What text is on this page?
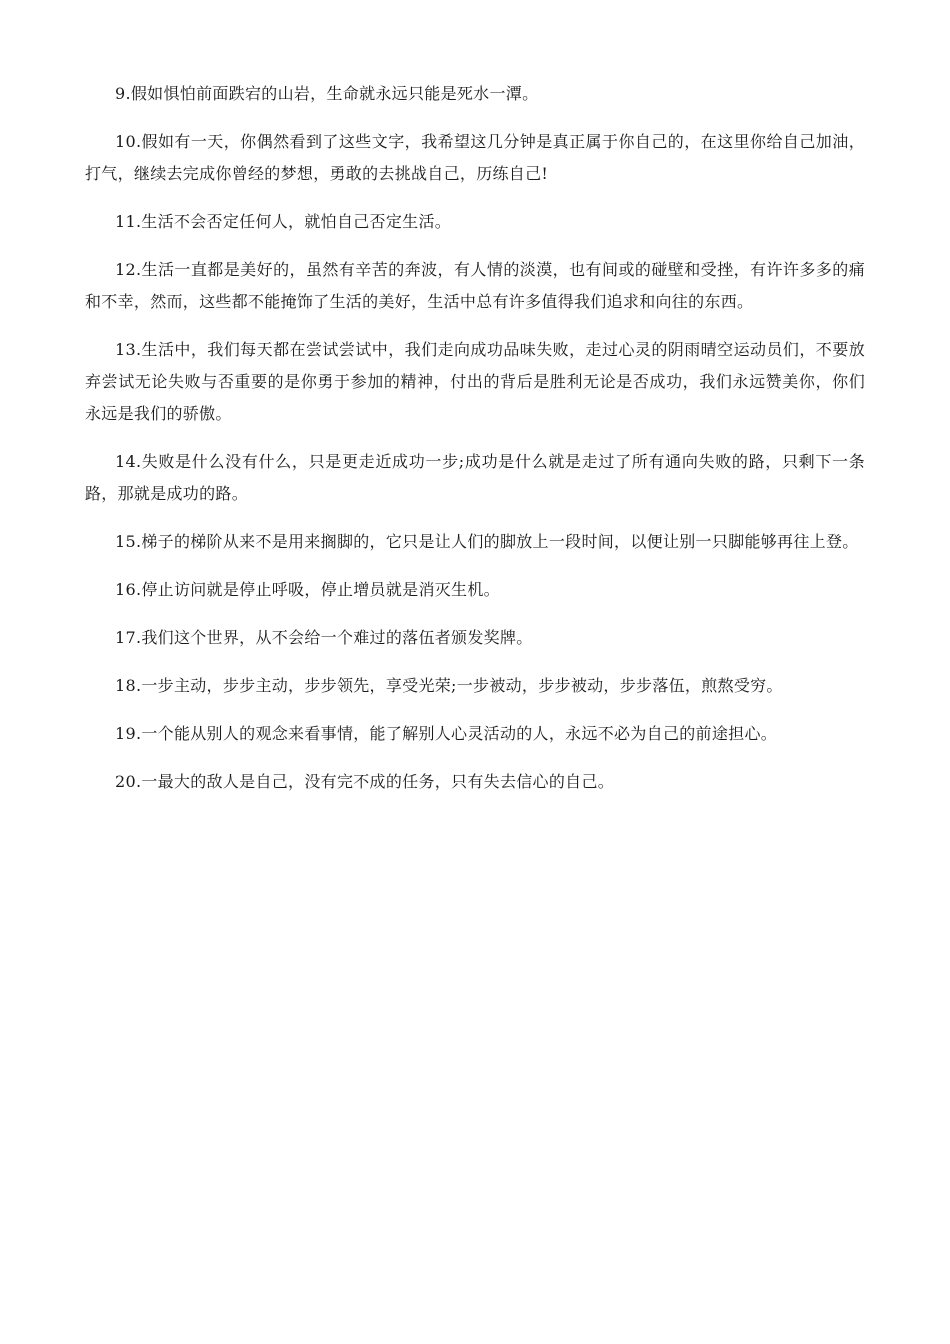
9.假如惧怕前面跌宕的山岩，生命就永远只能是死水一潭。

10.假如有一天，你偶然看到了这些文字，我希望这几分钟是真正属于你自己的，在这里你给自己加油，打气，继续去完成你曾经的梦想，勇敢的去挑战自己，历练自己!

11.生活不会否定任何人，就怕自己否定生活。

12.生活一直都是美好的，虽然有辛苦的奔波，有人情的淡漠，也有间或的碰壁和受挫，有许许多多的痛和不幸，然而，这些都不能掩饰了生活的美好，生活中总有许多值得我们追求和向往的东西。

13.生活中，我们每天都在尝试尝试中，我们走向成功品味失败，走过心灵的阴雨晴空运动员们，不要放弃尝试无论失败与否重要的是你勇于参加的精神，付出的背后是胜利无论是否成功，我们永远赞美你，你们永远是我们的骄傲。

14.失败是什么没有什么，只是更走近成功一步;成功是什么就是走过了所有通向失败的路，只剩下一条路，那就是成功的路。

15.梯子的梯阶从来不是用来搁脚的，它只是让人们的脚放上一段时间，以便让别一只脚能够再往上登。

16.停止访问就是停止呼吸，停止增员就是消灭生机。

17.我们这个世界，从不会给一个难过的落伍者颁发奖牌。

18.一步主动，步步主动，步步领先，享受光荣;一步被动，步步被动，步步落伍，煎熬受穷。

19.一个能从别人的观念来看事情，能了解别人心灵活动的人，永远不必为自己的前途担心。

20.一最大的敌人是自己，没有完不成的任务，只有失去信心的自己。
